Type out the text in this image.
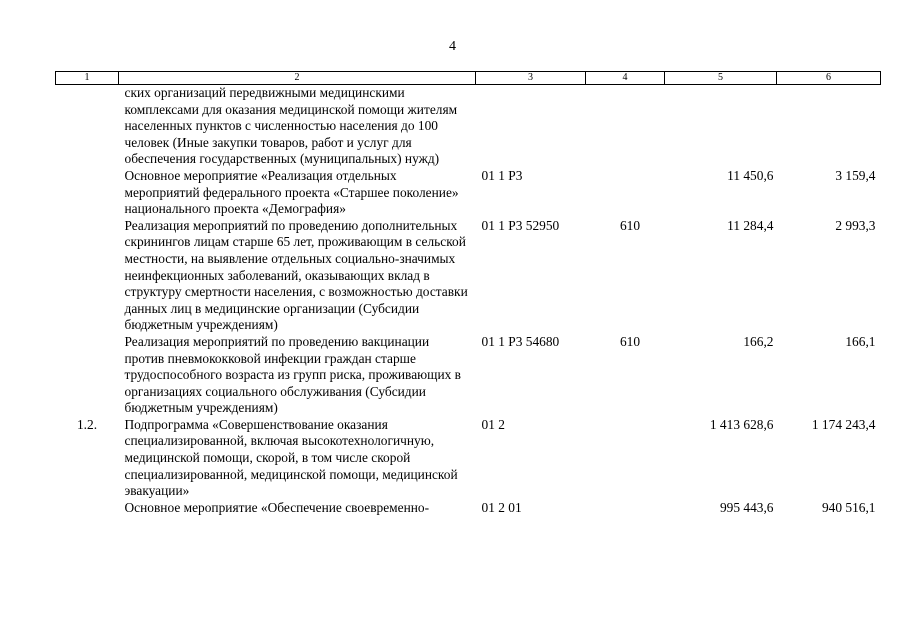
4
1	2	3	4	5	6
	ских организаций передвижными медицинскими комплексами для оказания медицинской помощи жителям населенных пунктов с численностью населения до 100 человек (Иные закупки товаров, работ и услуг для обеспечения государственных (муниципальных) нужд)				
	Основное мероприятие «Реализация отдельных мероприятий федерального проекта «Старшее поколение» национального проекта «Демография»	01 1 P3		11 450,6	3 159,4
	Реализация мероприятий по проведению дополнительных скринингов лицам старше 65 лет, проживающим в сельской местности, на выявление отдельных социально-значимых неинфекционных заболеваний, оказывающих вклад в структуру смертности населения, с возможностью доставки данных лиц в медицинские организации (Субсидии бюджетным учреждениям)	01 1 P3 52950	610	11 284,4	2 993,3
	Реализация мероприятий по проведению вакцинации против пневмококковой инфекции граждан старше трудоспособного возраста из групп риска, проживающих в организациях социального обслуживания (Субсидии бюджетным учреждениям)	01 1 P3 54680	610	166,2	166,1
1.2.	Подпрограмма «Совершенствование оказания специализированной, включая высокотехнологичную, медицинской помощи, скорой, в том числе скорой специализированной, медицинской помощи, медицинской эвакуации»	01 2		1 413 628,6	1 174 243,4
	Основное мероприятие «Обеспечение своевременно-	01 2 01		995 443,6	940 516,1
